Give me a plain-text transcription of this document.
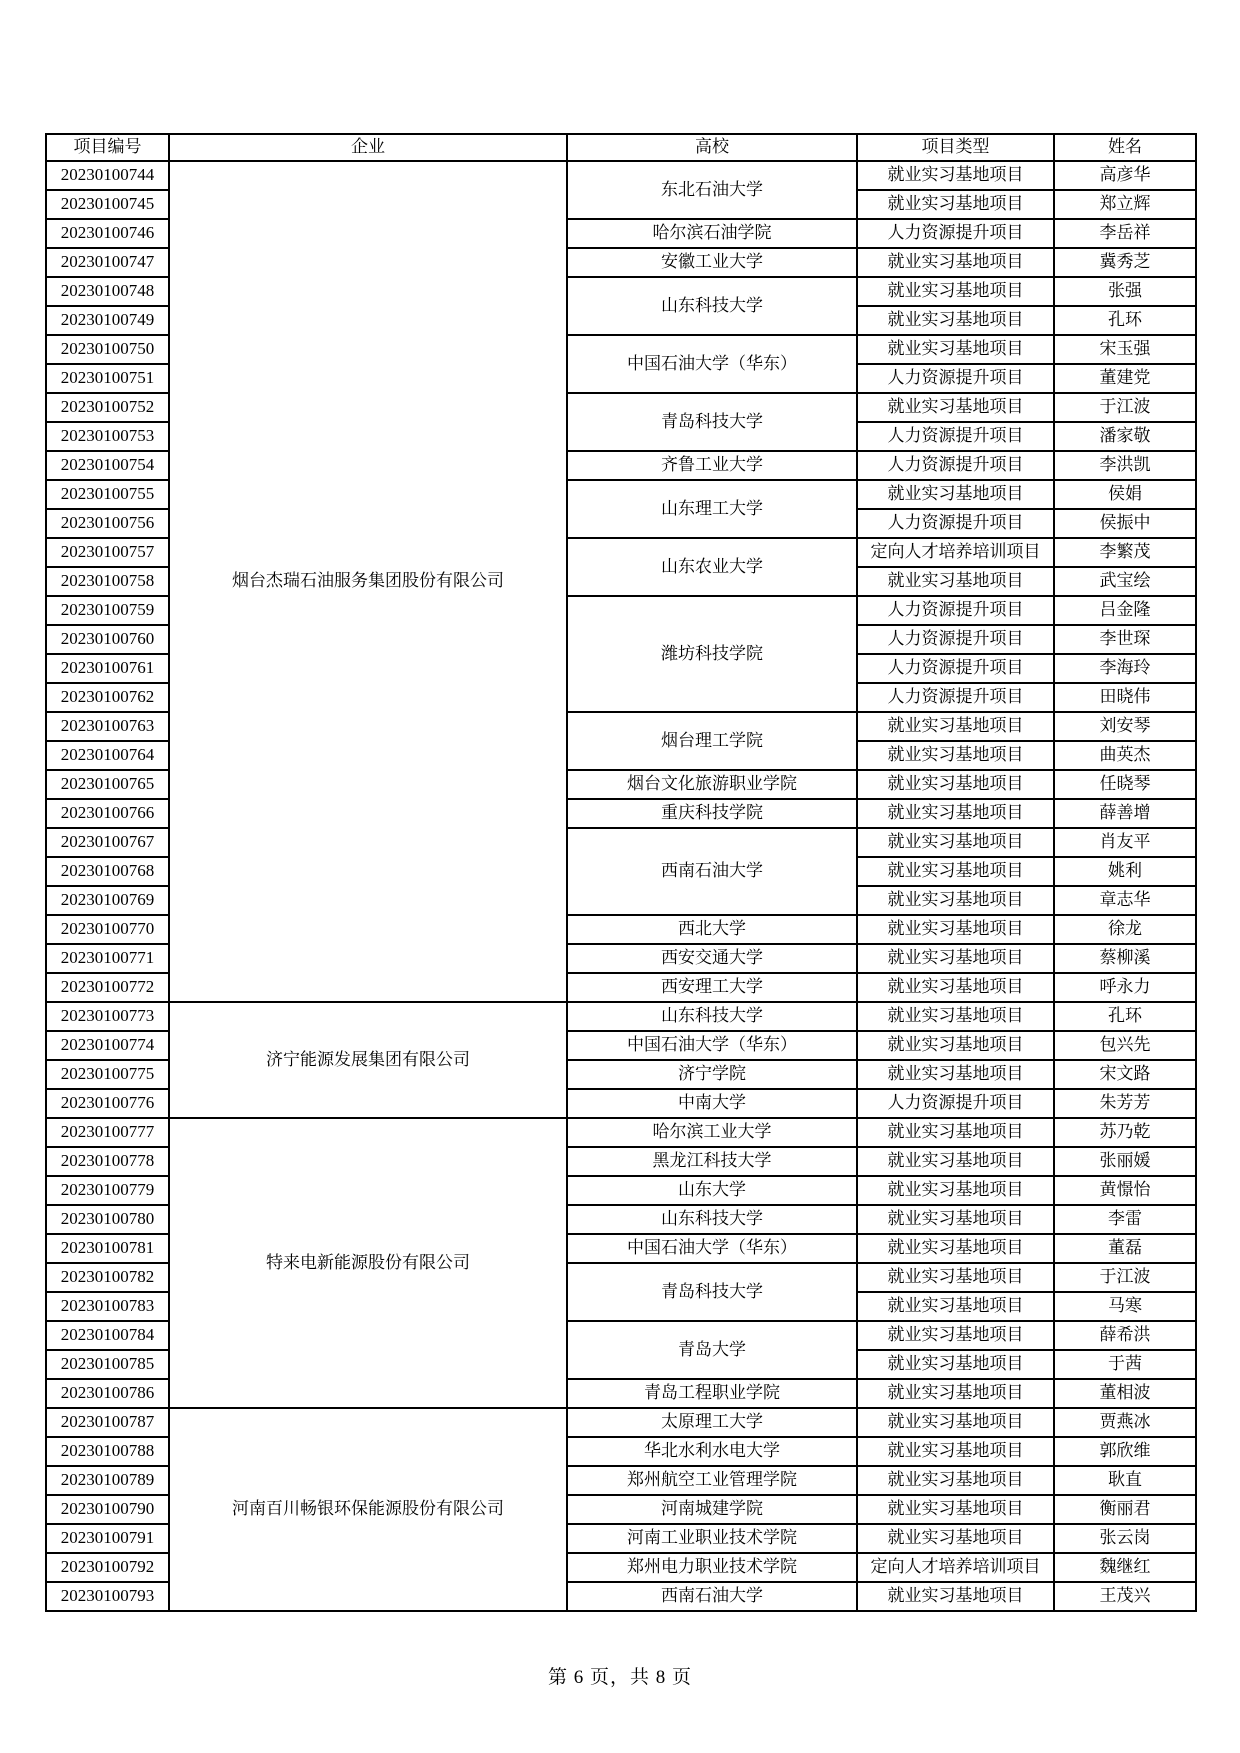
项目编号	企业	高校	项目类型	姓名
20230100744	烟台杰瑞石油服务集团股份有限公司	东北石油大学	就业实习基地项目	高彦华
20230100745			就业实习基地项目	郑立辉
20230100746		哈尔滨石油学院	人力资源提升项目	李岳祥
20230100747		安徽工业大学	就业实习基地项目	冀秀芝
20230100748		山东科技大学	就业实习基地项目	张强
20230100749			就业实习基地项目	孔环
20230100750		中国石油大学（华东）	就业实习基地项目	宋玉强
20230100751			人力资源提升项目	董建党
20230100752		青岛科技大学	就业实习基地项目	于江波
20230100753			人力资源提升项目	潘家敬
20230100754		齐鲁工业大学	人力资源提升项目	李洪凯
20230100755		山东理工大学	就业实习基地项目	侯娟
20230100756			人力资源提升项目	侯振中
20230100757		山东农业大学	定向人才培养培训项目	李繁茂
20230100758			就业实习基地项目	武宝绘
20230100759		潍坊科技学院	人力资源提升项目	吕金隆
20230100760			人力资源提升项目	李世琛
20230100761			人力资源提升项目	李海玲
20230100762			人力资源提升项目	田晓伟
20230100763		烟台理工学院	就业实习基地项目	刘安琴
20230100764			就业实习基地项目	曲英杰
20230100765		烟台文化旅游职业学院	就业实习基地项目	任晓琴
20230100766		重庆科技学院	就业实习基地项目	薛善增
20230100767		西南石油大学	就业实习基地项目	肖友平
20230100768			就业实习基地项目	姚利
20230100769			就业实习基地项目	章志华
20230100770		西北大学	就业实习基地项目	徐龙
20230100771		西安交通大学	就业实习基地项目	蔡柳溪
20230100772		西安理工大学	就业实习基地项目	呼永力
20230100773	济宁能源发展集团有限公司	山东科技大学	就业实习基地项目	孔环
20230100774		中国石油大学（华东）	就业实习基地项目	包兴先
20230100775		济宁学院	就业实习基地项目	宋文路
20230100776		中南大学	人力资源提升项目	朱芳芳
20230100777	特来电新能源股份有限公司	哈尔滨工业大学	就业实习基地项目	苏乃乾
20230100778		黑龙江科技大学	就业实习基地项目	张丽媛
20230100779		山东大学	就业实习基地项目	黄憬怡
20230100780		山东科技大学	就业实习基地项目	李雷
20230100781		中国石油大学（华东）	就业实习基地项目	董磊
20230100782		青岛科技大学	就业实习基地项目	于江波
20230100783			就业实习基地项目	马寒
20230100784		青岛大学	就业实习基地项目	薛希洪
20230100785			就业实习基地项目	于茜
20230100786		青岛工程职业学院	就业实习基地项目	董相波
20230100787	河南百川畅银环保能源股份有限公司	太原理工大学	就业实习基地项目	贾燕冰
20230100788		华北水利水电大学	就业实习基地项目	郭欣维
20230100789		郑州航空工业管理学院	就业实习基地项目	耿直
20230100790		河南城建学院	就业实习基地项目	衡丽君
20230100791		河南工业职业技术学院	就业实习基地项目	张云岗
20230100792		郑州电力职业技术学院	定向人才培养培训项目	魏继红
20230100793		西南石油大学	就业实习基地项目	王茂兴
第 6 页，共 8 页
